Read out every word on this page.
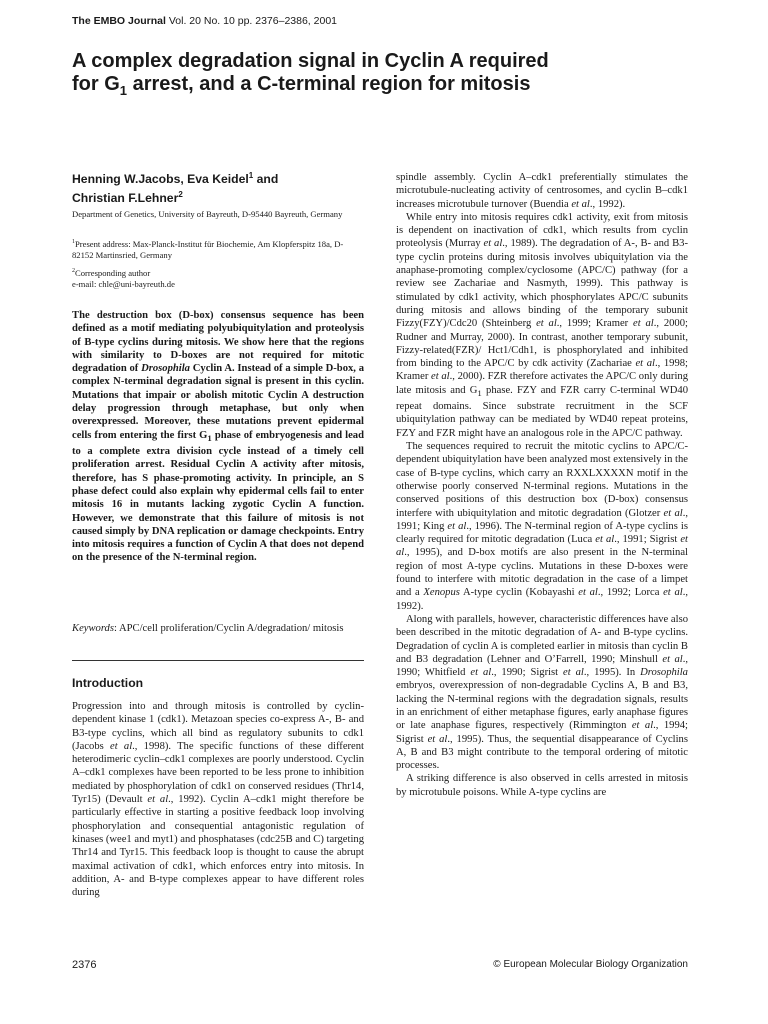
The EMBO Journal Vol. 20 No. 10 pp. 2376–2386, 2001
A complex degradation signal in Cyclin A required
for $G_1$ arrest, and a C-terminal region for mitosis

Henning W.Jacobs, Eva Keidel$^1$ and
Christian F.Lehner$^2$

Department of Genetics, University of Bayreuth, D-95440 Bayreuth, Germany

$^1$Present address: Max-Planck-Institut für Biochemie, Am Klopferspitz 18a, D-82152 Martinsried, Germany

$^2$Corresponding author
e-mail: chle@uni-bayreuth.de

The destruction box (D-box) consensus sequence has been defined as a motif mediating polyubiquitylation and proteolysis of B-type cyclins during mitosis. We show here that the regions with similarity to D-boxes are not required for mitotic degradation of Drosophila Cyclin A. Instead of a simple D-box, a complex N-terminal degradation signal is present in this cyclin. Mutations that impair or abolish mitotic Cyclin A destruction delay progression through metaphase, but only when overexpressed. Moreover, these mutations prevent epidermal cells from entering the first $G_1$ phase of embryogenesis and lead to a complete extra division cycle instead of a timely cell proliferation arrest. Residual Cyclin A activity after mitosis, therefore, has S phase-promoting activity. In principle, an S phase defect could also explain why epidermal cells fail to enter mitosis 16 in mutants lacking zygotic Cyclin A function. However, we demonstrate that this failure of mitosis is not caused simply by DNA replication or damage checkpoints. Entry into mitosis requires a function of Cyclin A that does not depend on the presence of the N-terminal region.

Keywords: APC/cell proliferation/Cyclin A/degradation/ mitosis

Introduction

Progression into and through mitosis is controlled by cyclin-dependent kinase 1 (cdk1). Metazoan species co-express A-, B- and B3-type cyclins, which all bind as regulatory subunits to cdk1 (Jacobs et al., 1998). The specific functions of these different heterodimeric cyclin–cdk1 complexes are poorly understood. Cyclin A–cdk1 complexes have been reported to be less prone to inhibition mediated by phosphorylation of cdk1 on conserved residues (Thr14, Tyr15) (Devault et al., 1992). Cyclin A–cdk1 might therefore be particularly effective in starting a positive feedback loop involving phosphorylation and consequential antagonistic regulation of kinases (wee1 and myt1) and phosphatases (cdc25B and C) targeting Thr14 and Tyr15. This feedback loop is thought to cause the abrupt maximal activation of cdk1, which enforces entry into mitosis. In addition, A- and B-type complexes appear to have different roles during

spindle assembly. Cyclin A–cdk1 preferentially stimulates the microtubule-nucleating activity of centrosomes, and cyclin B–cdk1 increases microtubule turnover (Buendia et al., 1992).

While entry into mitosis requires cdk1 activity, exit from mitosis is dependent on inactivation of cdk1, which results from cyclin proteolysis (Murray et al., 1989). The degradation of A-, B- and B3-type cyclin proteins during mitosis involves ubiquitylation via the anaphase-promoting complex/cyclosome (APC/C) pathway (for a review see Zachariae and Nasmyth, 1999). This pathway is stimulated by cdk1 activity, which phosphorylates APC/C subunits during mitosis and allows binding of the temporary subunit Fizzy(FZY)/Cdc20 (Shteinberg et al., 1999; Kramer et al., 2000; Rudner and Murray, 2000). In contrast, another temporary subunit, Fizzy-related(FZR)/ Hct1/Cdh1, is phosphorylated and inhibited from binding to the APC/C by cdk activity (Zachariae et al., 1998; Kramer et al., 2000). FZR therefore activates the APC/C only during late mitosis and $G_1$ phase. FZY and FZR carry C-terminal WD40 repeat domains. Since substrate recruitment in the SCF ubiquitylation pathway can be mediated by WD40 repeat proteins, FZY and FZR might have an analogous role in the APC/C pathway.

The sequences required to recruit the mitotic cyclins to APC/C-dependent ubiquitylation have been analyzed most extensively in the case of B-type cyclins, which carry an RXXLXXXXN motif in the otherwise poorly conserved N-terminal regions. Mutations in the conserved positions of this destruction box (D-box) consensus interfere with ubiquitylation and mitotic degradation (Glotzer et al., 1991; King et al., 1996). The N-terminal region of A-type cyclins is clearly required for mitotic degradation (Luca et al., 1991; Sigrist et al., 1995), and D-box motifs are also present in the N-terminal region of most A-type cyclins. Mutations in these D-boxes were found to interfere with mitotic degradation in the case of a limpet and a Xenopus A-type cyclin (Kobayashi et al., 1992; Lorca et al., 1992).

Along with parallels, however, characteristic differences have also been described in the mitotic degradation of A- and B-type cyclins. Degradation of cyclin A is completed earlier in mitosis than cyclin B and B3 degradation (Lehner and O’Farrell, 1990; Minshull et al., 1990; Whitfield et al., 1990; Sigrist et al., 1995). In Drosophila embryos, overexpression of non-degradable Cyclins A, B and B3, lacking the N-terminal regions with the degradation signals, results in an enrichment of either metaphase figures, early anaphase figures or late anaphase figures, respectively (Rimmington et al., 1994; Sigrist et al., 1995). Thus, the sequential disappearance of Cyclins A, B and B3 might contribute to the temporal ordering of mitotic processes.

A striking difference is also observed in cells arrested in mitosis by microtubule poisons. While A-type cyclins are

2376	© European Molecular Biology Organization
